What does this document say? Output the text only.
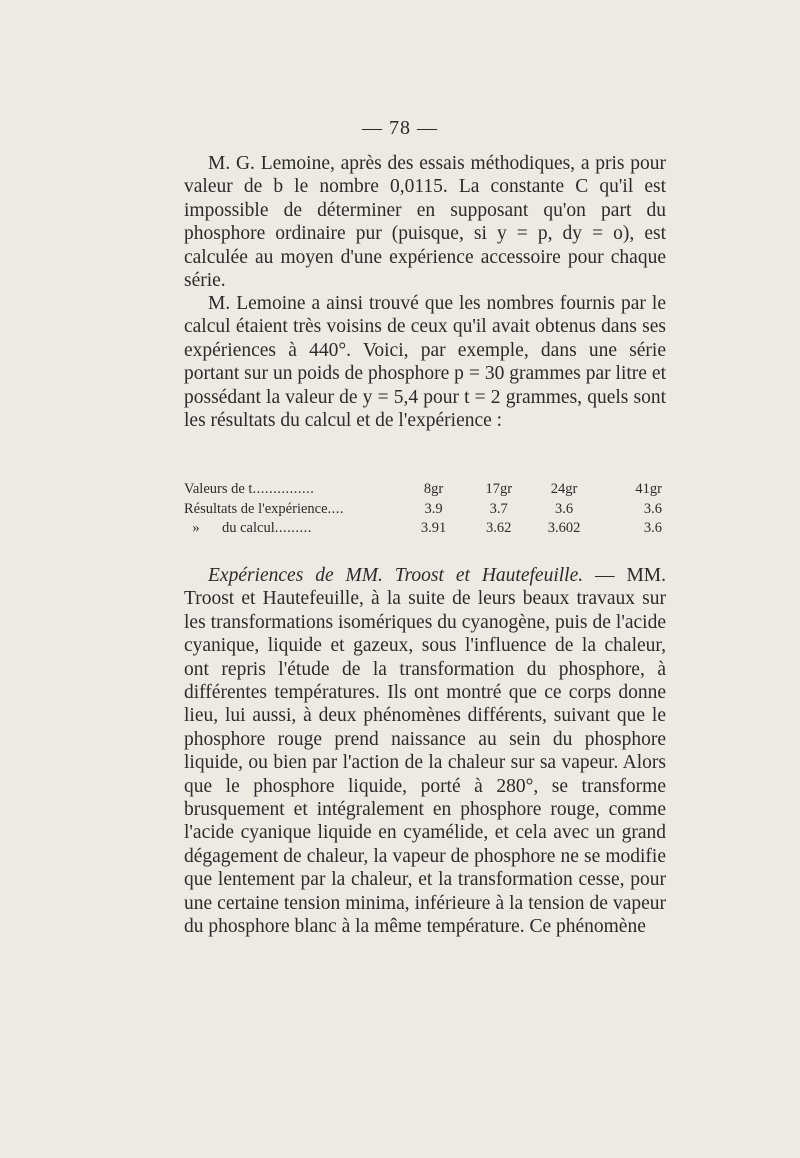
— 78 —

M. G. Lemoine, après des essais méthodiques, a pris pour valeur de b le nombre 0,0115. La constante C qu'il est impossible de déterminer en supposant qu'on part du phosphore ordinaire pur (puisque, si y = p, dy = o), est calculée au moyen d'une expérience accessoire pour chaque série.

M. Lemoine a ainsi trouvé que les nombres fournis par le calcul étaient très voisins de ceux qu'il avait obtenus dans ses expériences à 440°. Voici, par exemple, dans une série portant sur un poids de phosphore p = 30 grammes par litre et possédant la valeur de y = 5,4 pour t = 2 grammes, quels sont les résultats du calcul et de l'expérience :

Valeurs de t...............	8gr	17gr	24gr	41gr
Résultats de l'expérience....	3.9	3.7	3.6	3.6
» du calcul.........	3.91	3.62	3.602	3.6

Expériences de MM. Troost et Hautefeuille. — MM. Troost et Hautefeuille, à la suite de leurs beaux travaux sur les transformations isomériques du cyanogène, puis de l'acide cyanique, liquide et gazeux, sous l'influence de la chaleur, ont repris l'étude de la transformation du phosphore, à différentes températures. Ils ont montré que ce corps donne lieu, lui aussi, à deux phénomènes différents, suivant que le phosphore rouge prend naissance au sein du phosphore liquide, ou bien par l'action de la chaleur sur sa vapeur. Alors que le phosphore liquide, porté à 280°, se transforme brusquement et intégralement en phosphore rouge, comme l'acide cyanique liquide en cyamélide, et cela avec un grand dégagement de chaleur, la vapeur de phosphore ne se modifie que lentement par la chaleur, et la transformation cesse, pour une certaine tension minima, inférieure à la tension de vapeur du phosphore blanc à la même température. Ce phénomène
